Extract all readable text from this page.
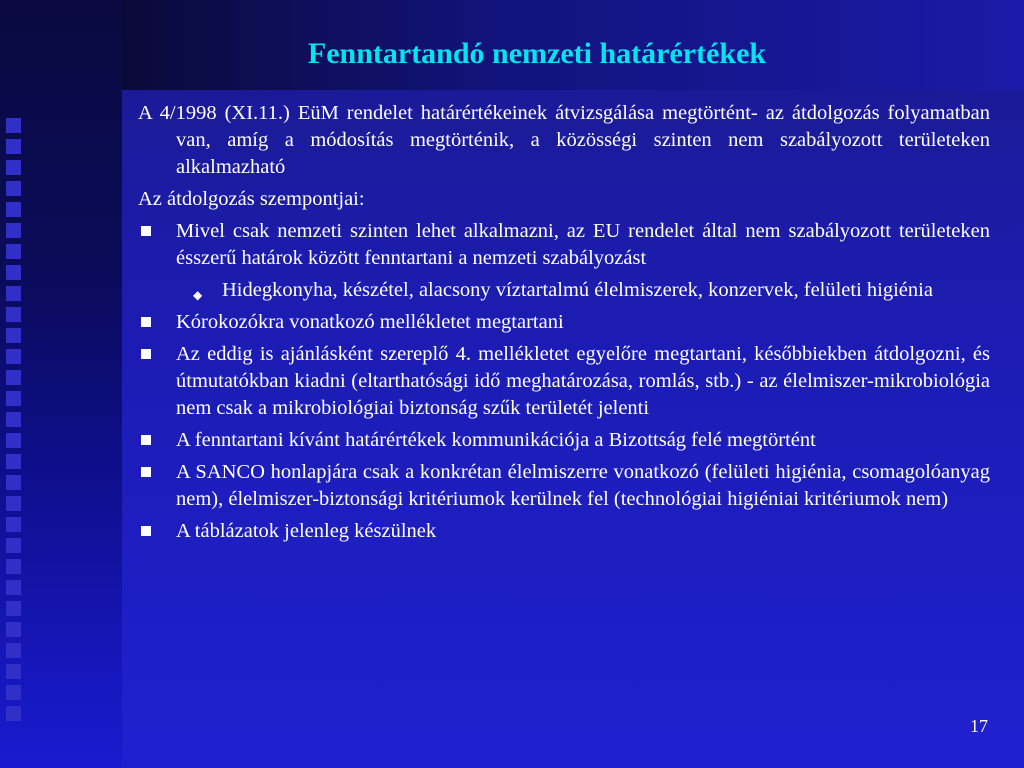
Fenntartandó nemzeti határértékek

A 4/1998 (XI.11.) EüM rendelet határértékeinek átvizsgálása megtörtént- az átdolgozás folyamatban van, amíg a módosítás megtörténik, a közösségi szinten nem szabályozott területeken alkalmazható

Az átdolgozás szempontjai:

Mivel csak nemzeti szinten lehet alkalmazni, az EU rendelet által nem szabályozott területeken ésszerű határok között fenntartani a nemzeti szabályozást
◆ Hidegkonyha, készétel, alacsony víztartalmú élelmiszerek, konzervek, felületi higiénia
Kórokozókra vonatkozó mellékletet megtartani
Az eddig is ajánlásként szereplő 4. mellékletet egyelőre megtartani, későbbiekben átdolgozni, és útmutatókban kiadni (eltarthatósági idő meghatározása, romlás, stb.) - az élelmiszer-mikrobiológia nem csak a mikrobiológiai biztonság szűk területét jelenti
A fenntartani kívánt határértékek kommunikációja a Bizottság felé megtörtént
A SANCO honlapjára csak a konkrétan élelmiszerre vonatkozó (felületi higiénia, csomagolóanyag nem), élelmiszer-biztonsági kritériumok kerülnek fel (technológiai higiéniai kritériumok nem)
A táblázatok jelenleg készülnek
17
